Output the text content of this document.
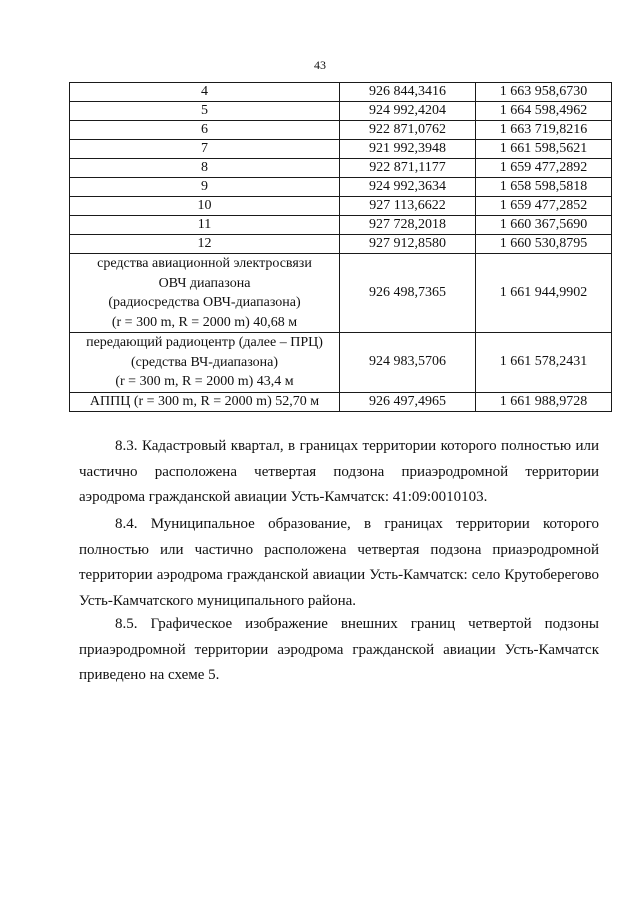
43
4	926 844,3416	1 663 958,6730
5	924 992,4204	1 664 598,4962
6	922 871,0762	1 663 719,8216
7	921 992,3948	1 661 598,5621
8	922 871,1177	1 659 477,2892
9	924 992,3634	1 658 598,5818
10	927 113,6622	1 659 477,2852
11	927 728,2018	1 660 367,5690
12	927 912,8580	1 660 530,8795

средства авиационной электросвязи
ОВЧ диапазона
(радиосредства ОВЧ-диапазона)
(r = 300 m, R = 2000 m) 40,68 м	926 498,7365	1 661 944,9902

передающий радиоцентр (далее – ПРЦ)
(средства ВЧ-диапазона)
(r = 300 m, R = 2000 m) 43,4 м	924 983,5706	1 661 578,2431
АППЦ (r = 300 m, R = 2000 m) 52,70 м	926 497,4965	1 661 988,9728

8.3. Кадастровый квартал, в границах территории которого полностью или частично расположена четвертая подзона приаэродромной территории аэродрома гражданской авиации Усть-Камчатск: 41:09:0010103.

8.4. Муниципальное образование, в границах территории которого полностью или частично расположена четвертая подзона приаэродромной территории аэродрома гражданской авиации Усть-Камчатск: село Крутоберегово Усть-Камчатского муниципального района.

8.5. Графическое изображение внешних границ четвертой подзоны приаэродромной территории аэродрома гражданской авиации Усть-Камчатск приведено на схеме 5.
